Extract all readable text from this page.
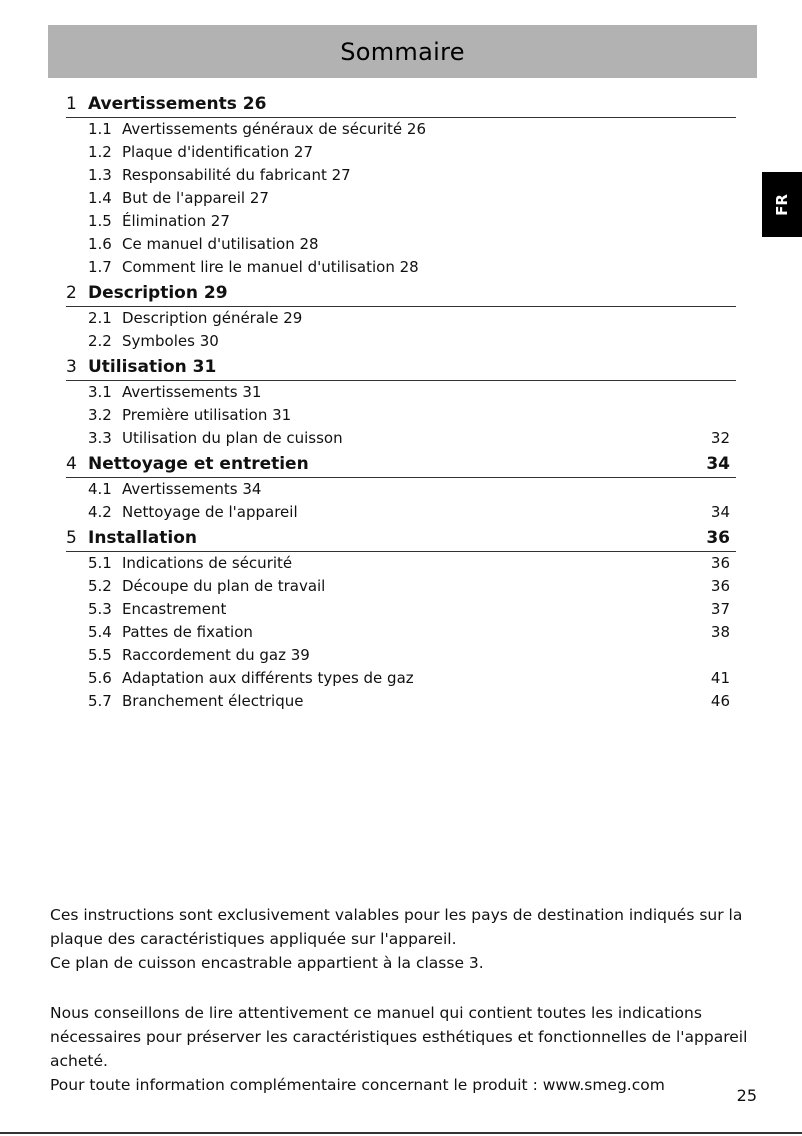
Sommaire
FR
1 Avertissements 26
1.1 Avertissements généraux de sécurité 26
1.2 Plaque d'identification 27
1.3 Responsabilité du fabricant 27
1.4 But de l'appareil 27
1.5 Élimination 27
1.6 Ce manuel d'utilisation 28
1.7 Comment lire le manuel d'utilisation 28
2 Description 29
2.1 Description générale 29
2.2 Symboles 30
3 Utilisation 31
3.1 Avertissements 31
3.2 Première utilisation 31
3.3 Utilisation du plan de cuisson	32
4 Nettoyage et entretien	34
4.1 Avertissements 34
4.2 Nettoyage de l'appareil	34
5 Installation	36
5.1 Indications de sécurité	36
5.2 Découpe du plan de travail	36
5.3 Encastrement	37
5.4 Pattes de fixation	38
5.5 Raccordement du gaz 39
5.6 Adaptation aux différents types de gaz	41
5.7 Branchement électrique	46

Ces instructions sont exclusivement valables pour les pays de destination indiqués sur la plaque des caractéristiques appliquée sur l'appareil.

Ce plan de cuisson encastrable appartient à la classe 3.

Nous conseillons de lire attentivement ce manuel qui contient toutes les indications nécessaires pour préserver les caractéristiques esthétiques et fonctionnelles de l'appareil acheté.

Pour toute information complémentaire concernant le produit : www.smeg.com

25
